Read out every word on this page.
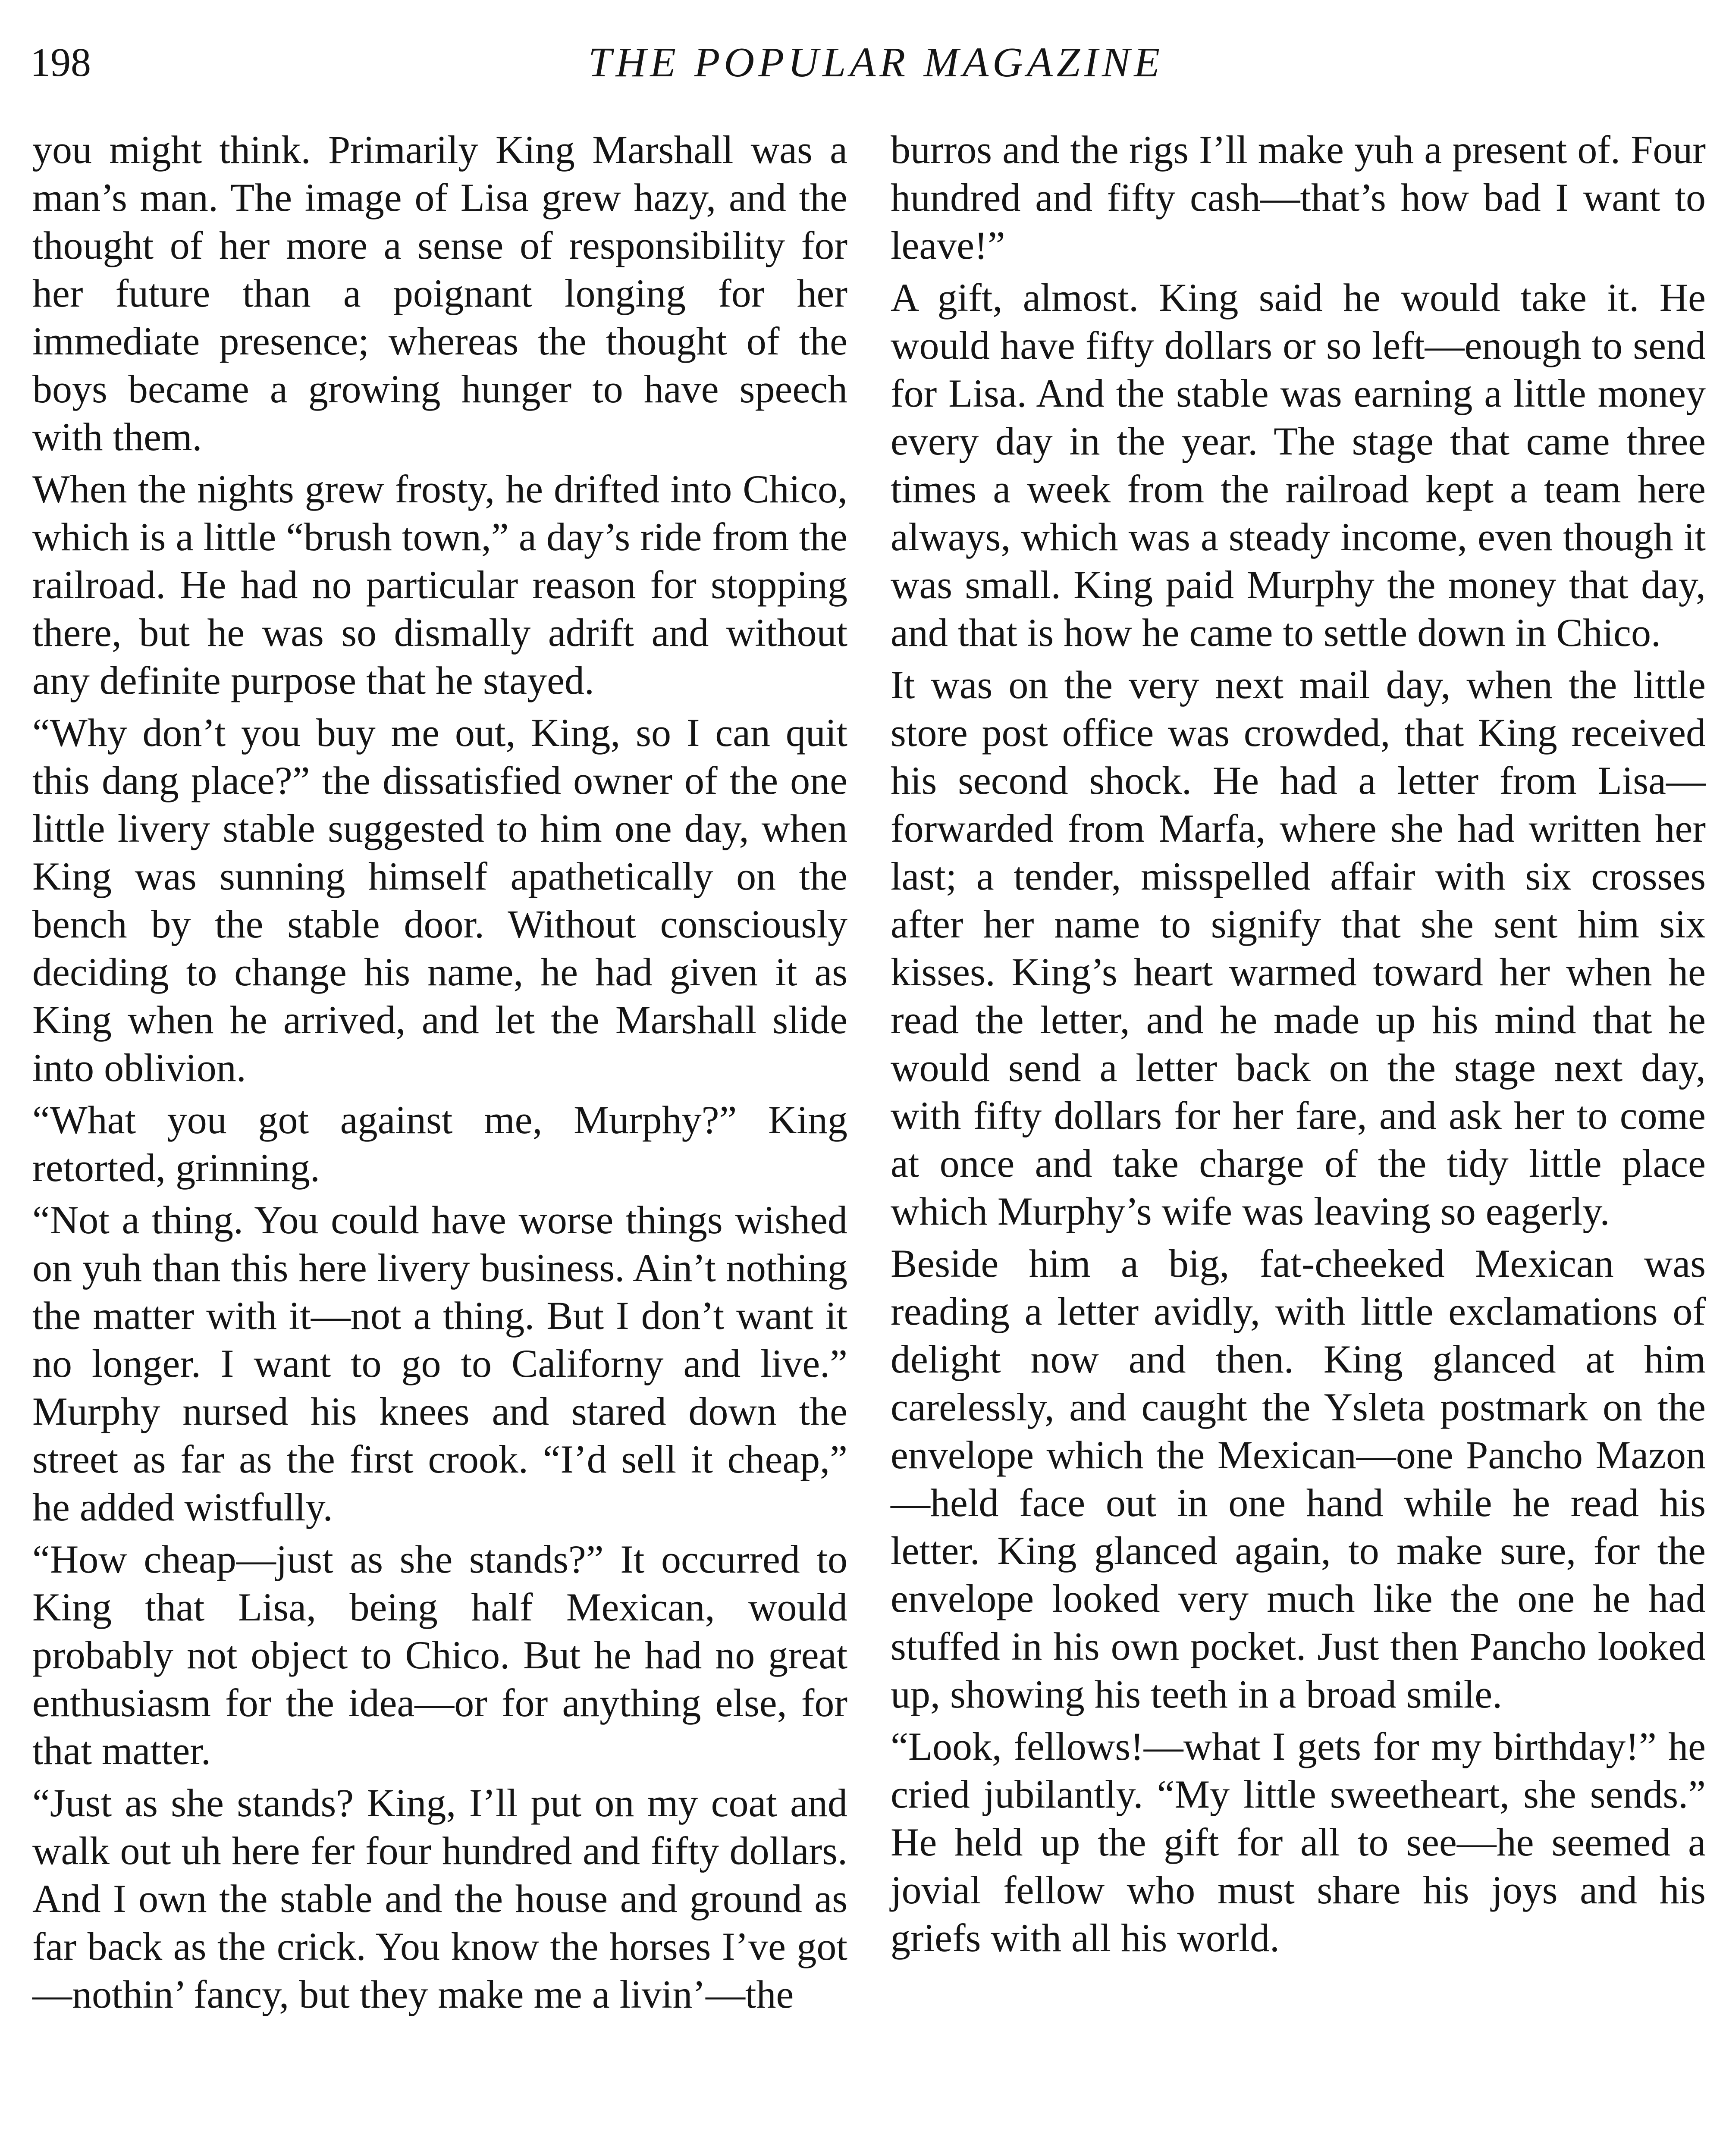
198	THE POPULAR MAGAZINE

you might think. Primarily King Marshall was a man’s man. The image of Lisa grew hazy, and the thought of her more a sense of responsibility for her future than a poignant longing for her immediate presence; whereas the thought of the boys became a growing hunger to have speech with them.

When the nights grew frosty, he drifted into Chico, which is a little “brush town,” a day’s ride from the railroad. He had no particular reason for stopping there, but he was so dismally adrift and without any definite purpose that he stayed.

“Why don’t you buy me out, King, so I can quit this dang place?” the dissatisfied owner of the one little livery stable suggested to him one day, when King was sunning himself apathetically on the bench by the stable door. Without consciously deciding to change his name, he had given it as King when he arrived, and let the Marshall slide into oblivion.

“What you got against me, Murphy?” King retorted, grinning.

“Not a thing. You could have worse things wished on yuh than this here livery business. Ain’t nothing the matter with it—not a thing. But I don’t want it no longer. I want to go to Californy and live.” Murphy nursed his knees and stared down the street as far as the first crook. “I’d sell it cheap,” he added wistfully.

“How cheap—just as she stands?” It occurred to King that Lisa, being half Mexican, would probably not object to Chico. But he had no great enthusiasm for the idea—or for anything else, for that matter.

“Just as she stands? King, I’ll put on my coat and walk out uh here fer four hundred and fifty dollars. And I own the stable and the house and ground as far back as the crick. You know the horses I’ve got—nothin’ fancy, but they make me a livin’—the

burros and the rigs I’ll make yuh a present of. Four hundred and fifty cash—that’s how bad I want to leave!”

A gift, almost. King said he would take it. He would have fifty dollars or so left—enough to send for Lisa. And the stable was earning a little money every day in the year. The stage that came three times a week from the railroad kept a team here always, which was a steady income, even though it was small. King paid Murphy the money that day, and that is how he came to settle down in Chico.

It was on the very next mail day, when the little store post office was crowded, that King received his second shock. He had a letter from Lisa—forwarded from Marfa, where she had written her last; a tender, misspelled affair with six crosses after her name to signify that she sent him six kisses. King’s heart warmed toward her when he read the letter, and he made up his mind that he would send a letter back on the stage next day, with fifty dollars for her fare, and ask her to come at once and take charge of the tidy little place which Murphy’s wife was leaving so eagerly.

Beside him a big, fat-cheeked Mexican was reading a letter avidly, with little exclamations of delight now and then. King glanced at him carelessly, and caught the Ysleta postmark on the envelope which the Mexican—one Pancho Mazon—held face out in one hand while he read his letter. King glanced again, to make sure, for the envelope looked very much like the one he had stuffed in his own pocket. Just then Pancho looked up, showing his teeth in a broad smile.

“Look, fellows!—what I gets for my birthday!” he cried jubilantly. “My little sweetheart, she sends.” He held up the gift for all to see—he seemed a jovial fellow who must share his joys and his griefs with all his world.
